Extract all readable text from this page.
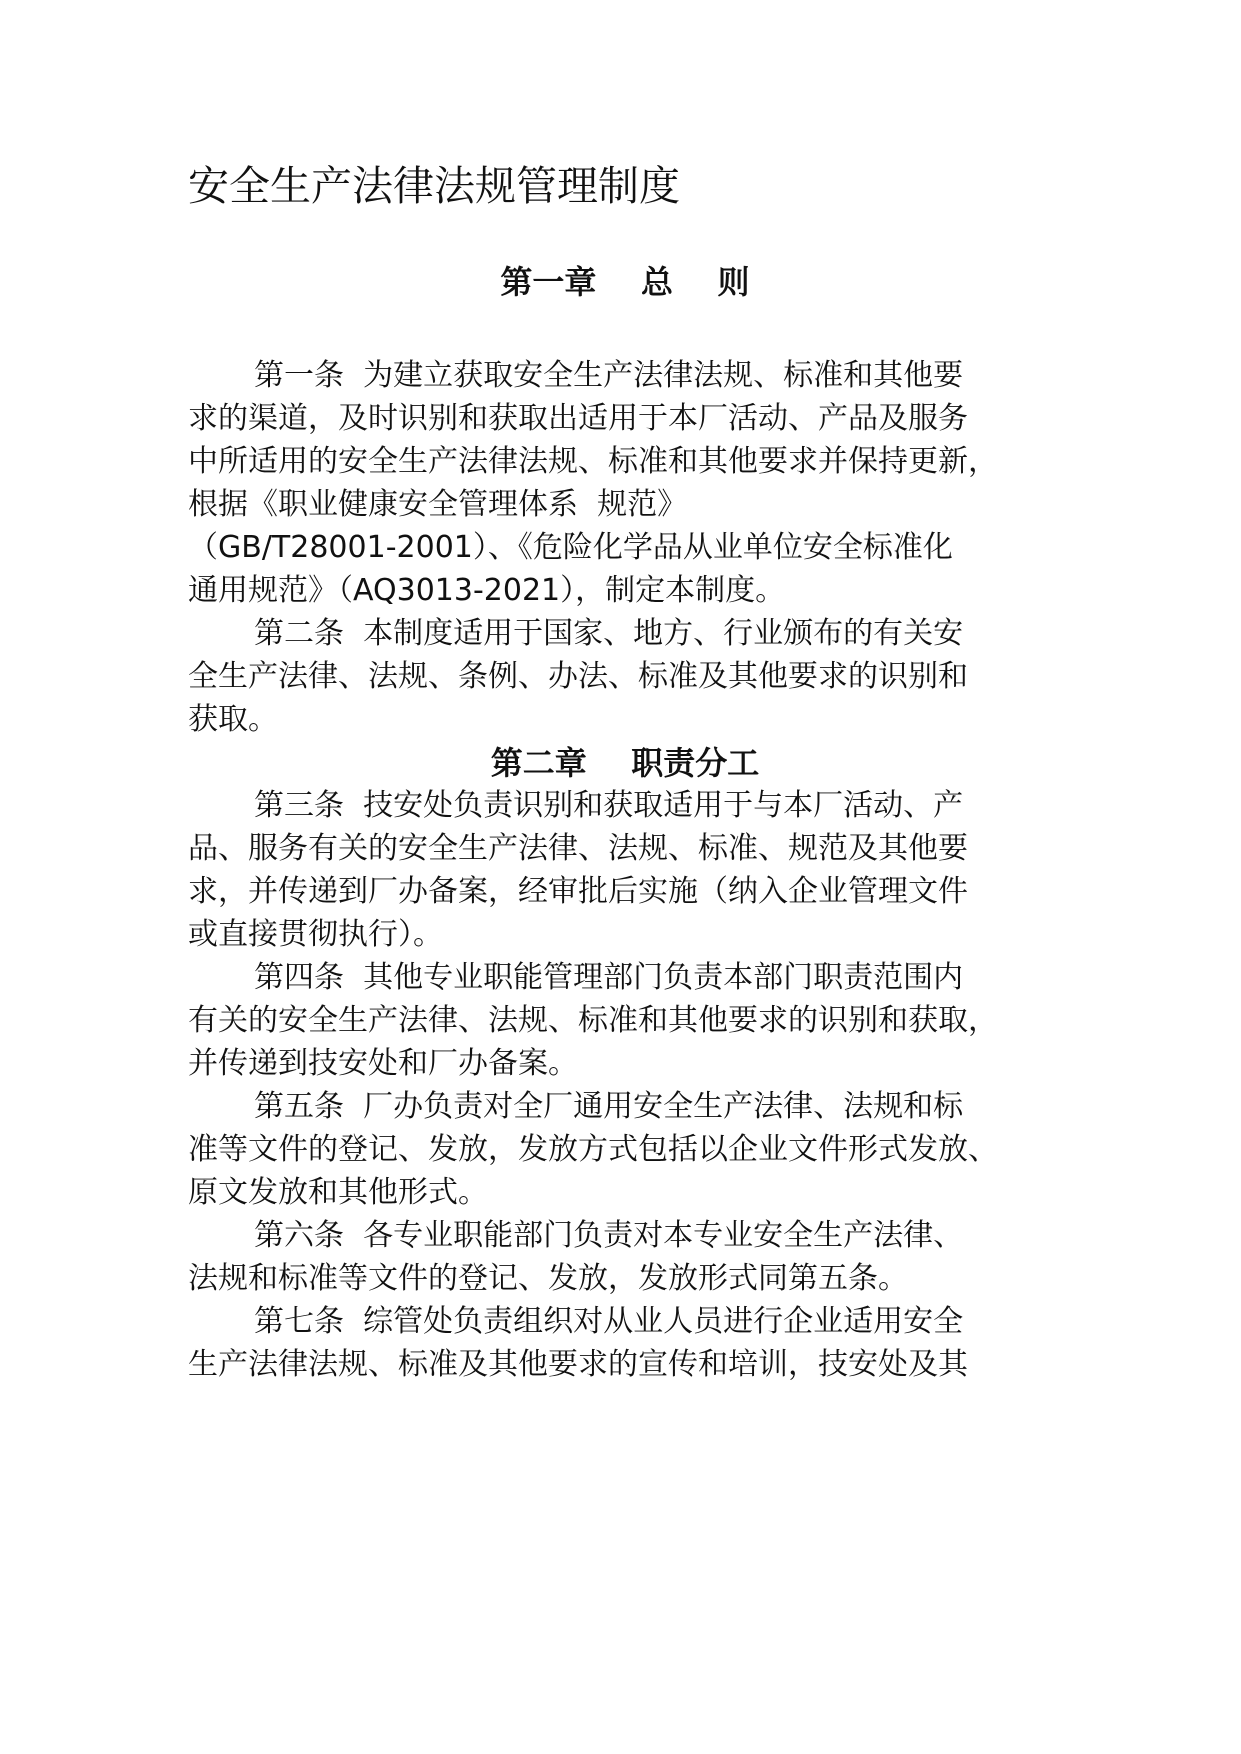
安全生产法律法规管理制度
第一章    总    则

第一条  为建立获取安全生产法律法规、标准和其他要

求的渠道，及时识别和获取出适用于本厂活动、产品及服务

中所适用的安全生产法律法规、标准和其他要求并保持更新，

根据《职业健康安全管理体系  规范》

（GB/T28001-2001）、《危险化学品从业单位安全标准化

通用规范》（AQ3013-2021），制定本制度。

第二条  本制度适用于国家、地方、行业颁布的有关安

全生产法律、法规、条例、办法、标准及其他要求的识别和

获取。

第二章    职责分工

第三条  技安处负责识别和获取适用于与本厂活动、产

品、服务有关的安全生产法律、法规、标准、规范及其他要

求，并传递到厂办备案，经审批后实施（纳入企业管理文件

或直接贯彻执行）。

第四条  其他专业职能管理部门负责本部门职责范围内

有关的安全生产法律、法规、标准和其他要求的识别和获取，

并传递到技安处和厂办备案。

第五条  厂办负责对全厂通用安全生产法律、法规和标

准等文件的登记、发放，发放方式包括以企业文件形式发放、

原文发放和其他形式。

第六条  各专业职能部门负责对本专业安全生产法律、

法规和标准等文件的登记、发放，发放形式同第五条。

第七条  综管处负责组织对从业人员进行企业适用安全

生产法律法规、标准及其他要求的宣传和培训，技安处及其
